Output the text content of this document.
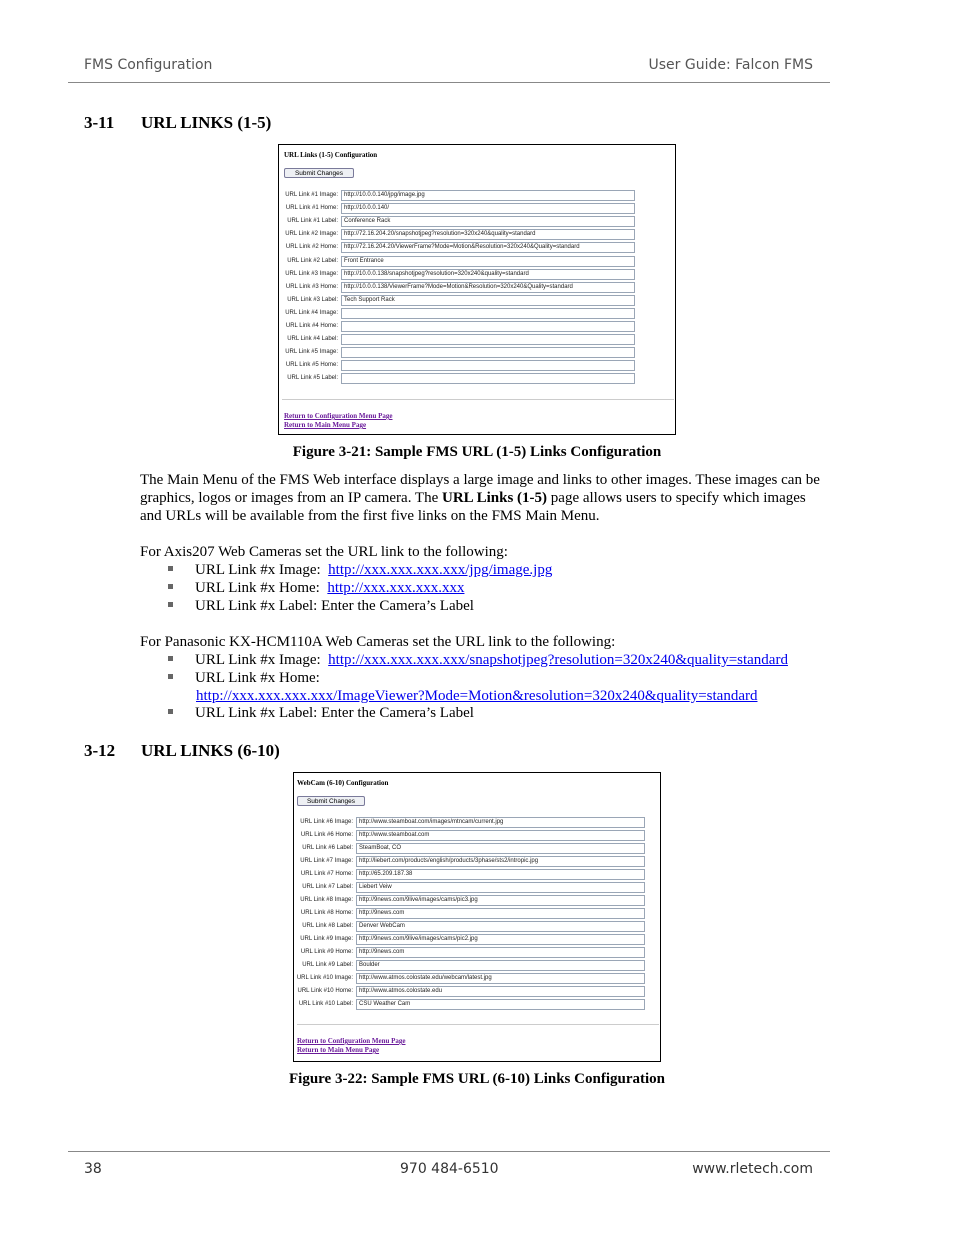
FMS Configuration	User Guide: Falcon FMS
3-11 URL LINKS (1-5)
URL Links (1-5) Configuration
Submit Changes
URL Link #1 Image:	http://10.0.0.140/jpg/image.jpg
URL Link #1 Home:	http://10.0.0.140/
URL Link #1 Label:	Conference Rack
URL Link #2 Image:	http://72.16.204.20/snapshotjpeg?resolution=320x240&quality=standard
URL Link #2 Home:	http://72.16.204.20/ViewerFrame?Mode=Motion&Resolution=320x240&Quality=standard
URL Link #2 Label:	Front Entrance
URL Link #3 Image:	http://10.0.0.138/snapshotjpeg?resolution=320x240&quality=standard
URL Link #3 Home:	http://10.0.0.138/ViewerFrame?Mode=Motion&Resolution=320x240&Quality=standard
URL Link #3 Label:	Tech Support Rack
URL Link #4 Image:
URL Link #4 Home:
URL Link #4 Label:
URL Link #5 Image:
URL Link #5 Home:
URL Link #5 Label:
Return to Configuration Menu Page
Return to Main Menu Page
Figure 3-21: Sample FMS URL (1-5) Links Configuration
The Main Menu of the FMS Web interface displays a large image and links to other images. These images can be graphics, logos or images from an IP camera. The URL Links (1-5) page allows users to specify which images and URLs will be available from the first five links on the FMS Main Menu.
For Axis207 Web Cameras set the URL link to the following:
URL Link #x Image: http://xxx.xxx.xxx.xxx/jpg/image.jpg
URL Link #x Home: http://xxx.xxx.xxx.xxx
URL Link #x Label: Enter the Camera’s Label
For Panasonic KX-HCM110A Web Cameras set the URL link to the following:
URL Link #x Image: http://xxx.xxx.xxx.xxx/snapshotjpeg?resolution=320x240&quality=standard
URL Link #x Home:
http://xxx.xxx.xxx.xxx/ImageViewer?Mode=Motion&resolution=320x240&quality=standard
URL Link #x Label: Enter the Camera’s Label
3-12 URL LINKS (6-10)
WebCam (6-10) Configuration
Submit Changes
URL Link #6 Image:	http://www.steamboat.com/images/mtncam/current.jpg
URL Link #6 Home:	http://www.steamboat.com
URL Link #6 Label:	SteamBoat, CO
URL Link #7 Image:	http://liebert.com/products/english/products/3phase/sts2/intropic.jpg
URL Link #7 Home:	http://65.209.187.38
URL Link #7 Label:	Liebert Veiw
URL Link #8 Image:	http://9news.com/9live/images/cams/pic3.jpg
URL Link #8 Home:	http://9news.com
URL Link #8 Label:	Denver WebCam
URL Link #9 Image:	http://9news.com/9live/images/cams/pic2.jpg
URL Link #9 Home:	http://9news.com
URL Link #9 Label:	Boulder
URL Link #10 Image:	http://www.atmos.colostate.edu/webcam/latest.jpg
URL Link #10 Home:	http://www.atmos.colostate.edu
URL Link #10 Label:	CSU Weather Cam
Return to Configuration Menu Page
Return to Main Menu Page
Figure 3-22: Sample FMS URL (6-10) Links Configuration
38	970 484-6510	www.rletech.com
